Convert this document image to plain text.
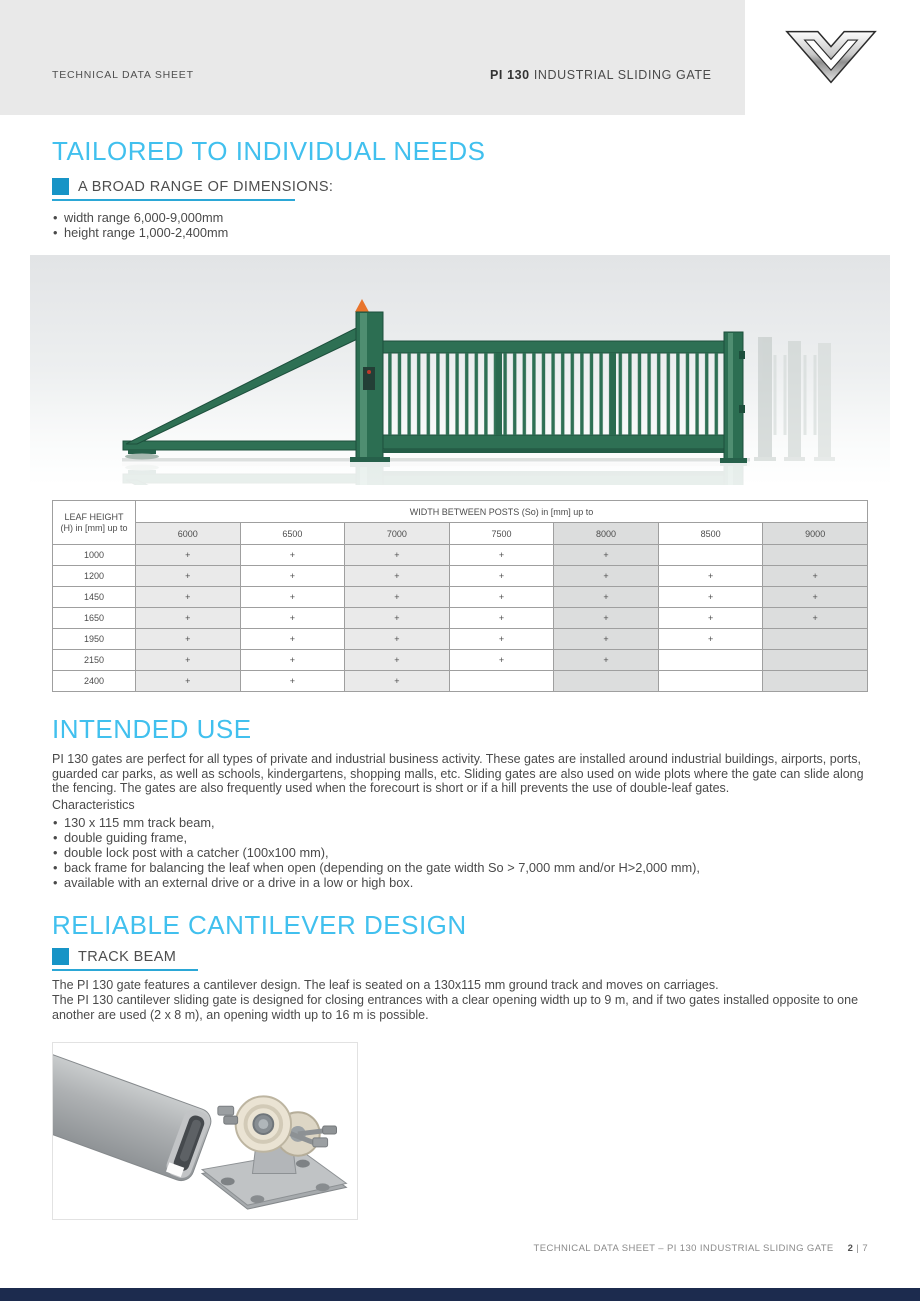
TECHNICAL DATA SHEET	PI 130 INDUSTRIAL SLIDING GATE
TAILORED TO INDIVIDUAL NEEDS
A BROAD RANGE OF DIMENSIONS:
• width range 6,000-9,000mm
• height range 1,000-2,400mm
LEAF HEIGHT
(H) in [mm] up to	WIDTH BETWEEN POSTS (So) in [mm] up to						
	6000	6500	7000	7500	8000	8500	9000
1000	+	+	+	+	+		
1200	+	+	+	+	+	+	+
1450	+	+	+	+	+	+	+
1650	+	+	+	+	+	+	+
1950	+	+	+	+	+	+	
2150	+	+	+	+	+		
2400	+	+	+				
INTENDED USE
PI 130 gates are perfect for all types of private and industrial business activity. These gates are installed around industrial buildings, airports, ports, guarded car parks, as well as schools, kindergartens, shopping malls, etc. Sliding gates are also used on wide plots where the gate can slide along the fencing. The gates are also frequently used when the forecourt is short or if a hill prevents the use of double-leaf gates.
Characteristics
• 130 x 115 mm track beam,
• double guiding frame,
• double lock post with a catcher (100x100 mm),
• back frame for balancing the leaf when open (depending on the gate width So > 7,000 mm and/or H>2,000 mm),
• available with an external drive or a drive in a low or high box.
RELIABLE CANTILEVER DESIGN
TRACK BEAM
The PI 130 gate features a cantilever design. The leaf is seated on a 130x115 mm ground track and moves on carriages.
The PI 130 cantilever sliding gate is designed for closing entrances with a clear opening width up to 9 m, and if two gates installed opposite to one another are used (2 x 8 m), an opening width up to 16 m is possible.
TECHNICAL DATA SHEET – PI 130 INDUSTRIAL SLIDING GATE 2 | 7
